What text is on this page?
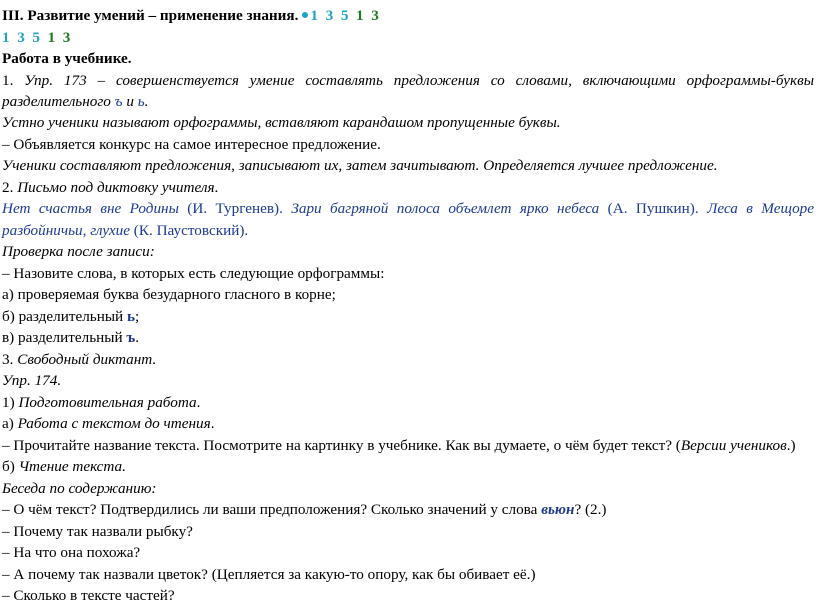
III. Развитие умений – применение знания. 1 3 5 1 3
1 3 5 1 3
Работа в учебнике.
1. Упр. 173 – совершенствуется умение составлять предложения со словами, включающими орфограммы-буквы
разделительного ъ и ь.
Устно ученики называют орфограммы, вставляют карандашом пропущенные буквы.
– Объявляется конкурс на самое интересное предложение.
Ученики составляют предложения, записывают их, затем зачитывают. Определяется лучшее предложение.
2. Письмо под диктовку учителя.
Нет счастья вне Родины (И. Тургенев). Зари багряной полоса объемлет ярко небеса (А. Пушкин). Леса в Мещоре
разбойничьи, глухие (К. Паустовский).
Проверка после записи:
– Назовите слова, в которых есть следующие орфограммы:
а) проверяемая буква безударного гласного в корне;
б) разделительный ь;
в) разделительный ъ.
3. Свободный диктант.
Упр. 174.
1) Подготовительная работа.
а) Работа с текстом до чтения.
– Прочитайте название текста. Посмотрите на картинку в учебнике. Как вы думаете, о чём будет текст? (Версии учеников.)
б) Чтение текста.
Беседа по содержанию:
– О чём текст? Подтвердились ли ваши предположения? Сколько значений у слова вьюн? (2.)
– Почему так назвали рыбку?
– На что она похожа?
– А почему так назвали цветок? (Цепляется за какую-то опору, как бы обивает её.)
– Сколько в тексте частей?
